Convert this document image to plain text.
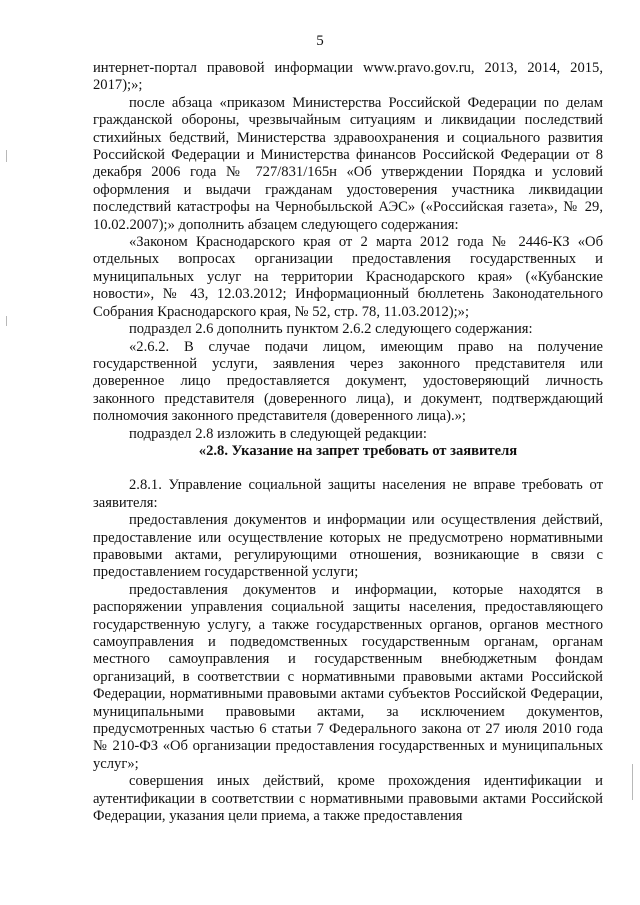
5

интернет-портал правовой информации www.pravo.gov.ru, 2013, 2014, 2015, 2017);»;

после абзаца «приказом Министерства Российской Федерации по делам гражданской обороны, чрезвычайным ситуациям и ликвидации последствий стихийных бедствий, Министерства здравоохранения и социального развития Российской Федерации и Министерства финансов Российской Федерации от 8 декабря 2006 года № 727/831/165н «Об утверждении Порядка и условий оформления и выдачи гражданам удостоверения участника ликвидации последствий катастрофы на Чернобыльской АЭС» («Российская газета», № 29, 10.02.2007);» дополнить абзацем следующего содержания:

«Законом Краснодарского края от 2 марта 2012 года № 2446-КЗ «Об отдельных вопросах организации предоставления государственных и муниципальных услуг на территории Краснодарского края» («Кубанские новости», № 43, 12.03.2012; Информационный бюллетень Законодательного Собрания Краснодарского края, № 52, стр. 78, 11.03.2012);»;

подраздел 2.6 дополнить пунктом 2.6.2 следующего содержания:

«2.6.2. В случае подачи лицом, имеющим право на получение государственной услуги, заявления через законного представителя или доверенное лицо предоставляется документ, удостоверяющий личность законного представителя (доверенного лица), и документ, подтверждающий полномочия законного представителя (доверенного лица).»;

подраздел 2.8 изложить в следующей редакции:

«2.8. Указание на запрет требовать от заявителя

2.8.1. Управление социальной защиты населения не вправе требовать от заявителя:

предоставления документов и информации или осуществления действий, предоставление или осуществление которых не предусмотрено нормативными правовыми актами, регулирующими отношения, возникающие в связи с предоставлением государственной услуги;

предоставления документов и информации, которые находятся в распоряжении управления социальной защиты населения, предоставляющего государственную услугу, а также государственных органов, органов местного самоуправления и подведомственных государственным органам, органам местного самоуправления и государственным внебюджетным фондам организаций, в соответствии с нормативными правовыми актами Российской Федерации, нормативными правовыми актами субъектов Российской Федерации, муниципальными правовыми актами, за исключением документов, предусмотренных частью 6 статьи 7 Федерального закона от 27 июля 2010 года № 210-ФЗ «Об организации предоставления государственных и муниципальных услуг»;

совершения иных действий, кроме прохождения идентификации и аутентификации в соответствии с нормативными правовыми актами Российской Федерации, указания цели приема, а также предоставления
